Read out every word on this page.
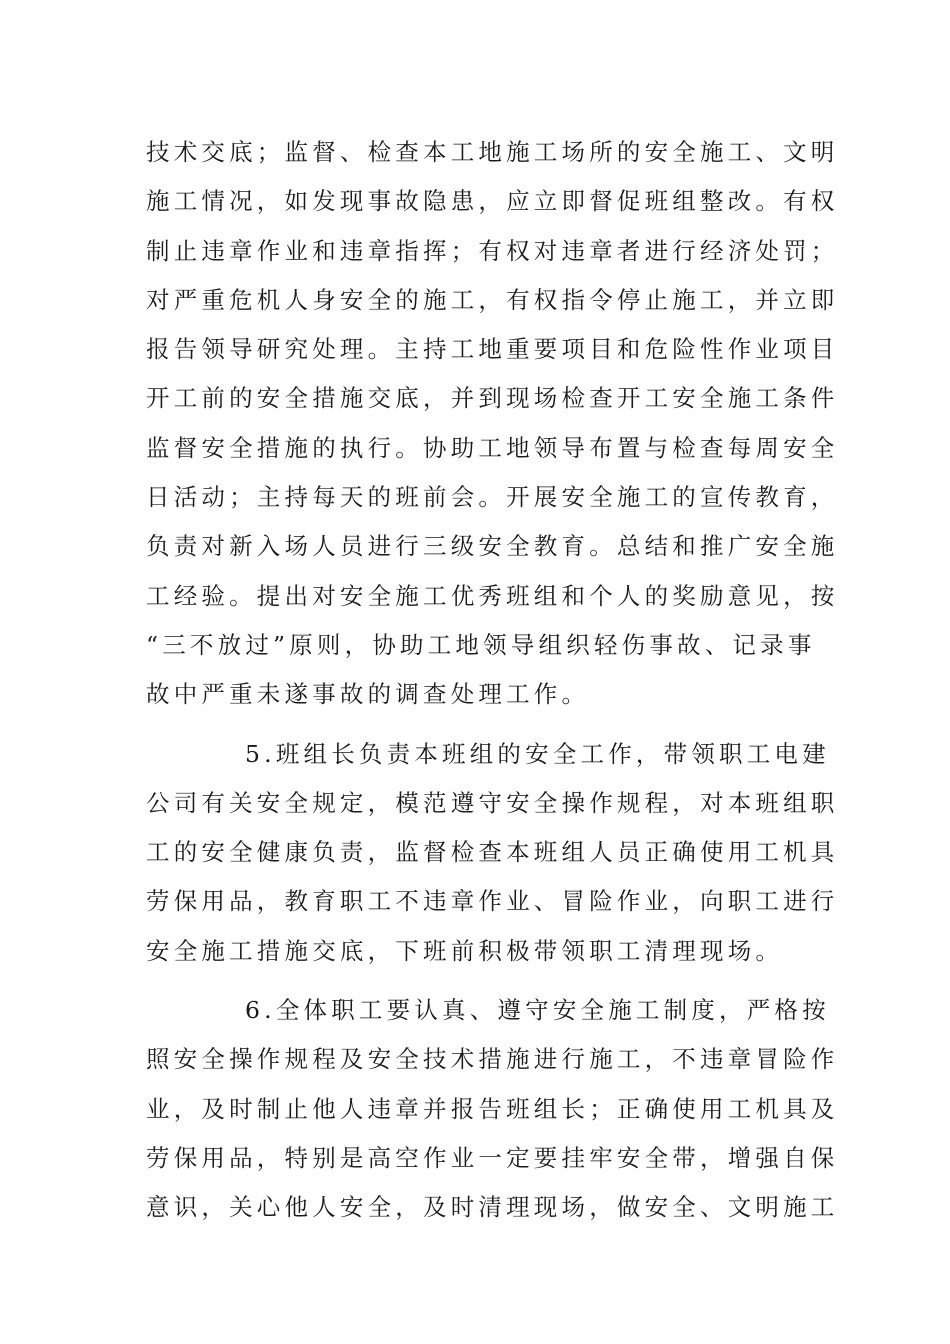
技术交底；监督、检查本工地施工场所的安全施工、文明
施工情况，如发现事故隐患，应立即督促班组整改。有权
制止违章作业和违章指挥；有权对违章者进行经济处罚；
对严重危机人身安全的施工，有权指令停止施工，并立即
报告领导研究处理。主持工地重要项目和危险性作业项目
开工前的安全措施交底，并到现场检查开工安全施工条件
监督安全措施的执行。协助工地领导布置与检查每周安全
日活动；主持每天的班前会。开展安全施工的宣传教育，
负责对新入场人员进行三级安全教育。总结和推广安全施
工经验。提出对安全施工优秀班组和个人的奖励意见，按
“三不放过”原则，协助工地领导组织轻伤事故、记录事
故中严重未遂事故的调查处理工作。
5.班组长负责本班组的安全工作，带领职工电建
公司有关安全规定，模范遵守安全操作规程，对本班组职
工的安全健康负责，监督检查本班组人员正确使用工机具
劳保用品，教育职工不违章作业、冒险作业，向职工进行
安全施工措施交底，下班前积极带领职工清理现场。
6.全体职工要认真、遵守安全施工制度，严格按
照安全操作规程及安全技术措施进行施工，不违章冒险作
业，及时制止他人违章并报告班组长；正确使用工机具及
劳保用品，特别是高空作业一定要挂牢安全带，增强自保
意识，关心他人安全，及时清理现场，做安全、文明施工
